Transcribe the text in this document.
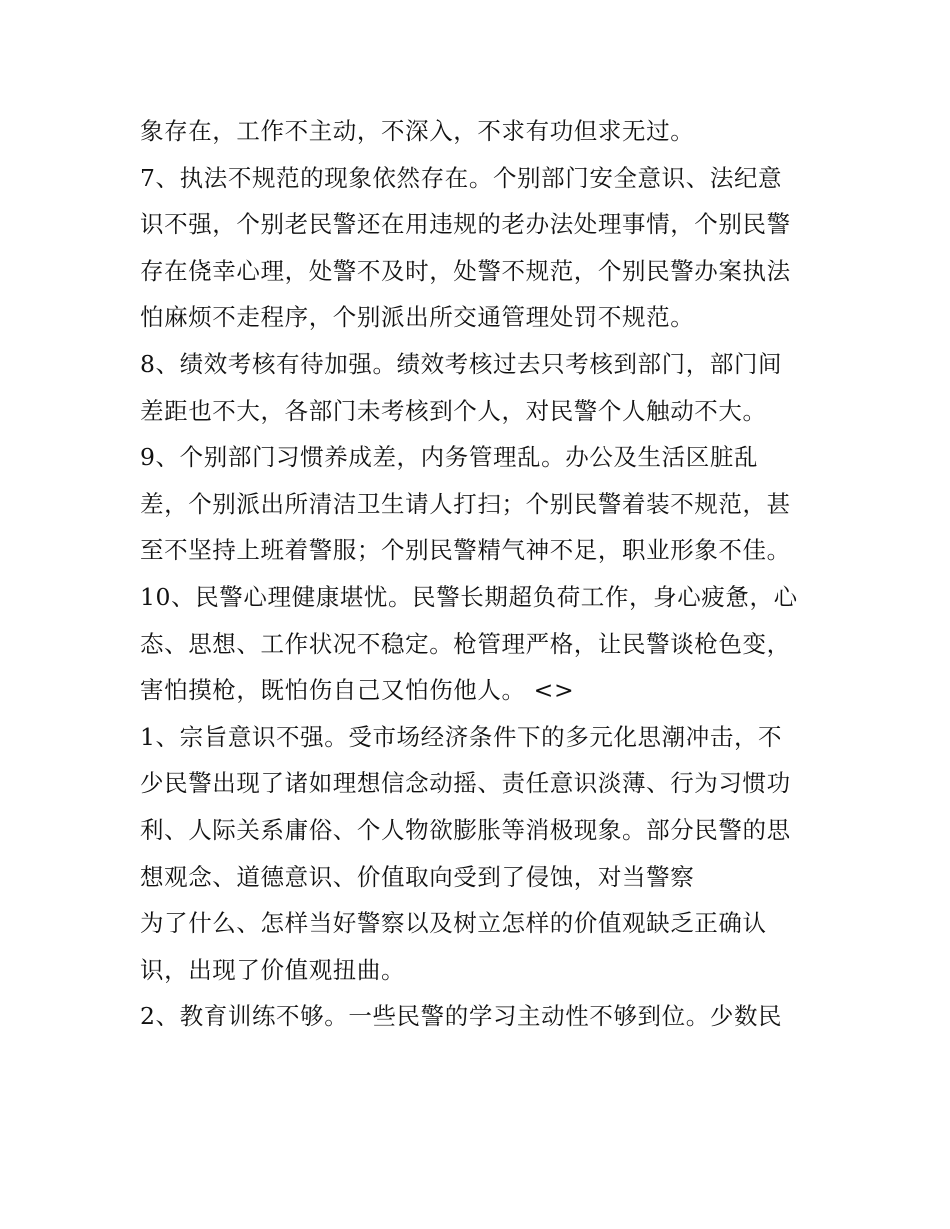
象存在，工作不主动，不深入，不求有功但求无过。
7、执法不规范的现象依然存在。个别部门安全意识、法纪意
识不强，个别老民警还在用违规的老办法处理事情，个别民警
存在侥幸心理，处警不及时，处警不规范，个别民警办案执法
怕麻烦不走程序，个别派出所交通管理处罚不规范。
8、绩效考核有待加强。绩效考核过去只考核到部门，部门间
差距也不大，各部门未考核到个人，对民警个人触动不大。
9、个别部门习惯养成差，内务管理乱。办公及生活区脏乱
差，个别派出所清洁卫生请人打扫；个别民警着装不规范，甚
至不坚持上班着警服；个别民警精气神不足，职业形象不佳。
10、民警心理健康堪忧。民警长期超负荷工作，身心疲惫，心
态、思想、工作状况不稳定。枪管理严格，让民警谈枪色变，
害怕摸枪，既怕伤自己又怕伤他人。 <>
1、宗旨意识不强。受市场经济条件下的多元化思潮冲击，不
少民警出现了诸如理想信念动摇、责任意识淡薄、行为习惯功
利、人际关系庸俗、个人物欲膨胀等消极现象。部分民警的思
想观念、道德意识、价值取向受到了侵蚀，对当警察
为了什么、怎样当好警察以及树立怎样的价值观缺乏正确认
识，出现了价值观扭曲。
2、教育训练不够。一些民警的学习主动性不够到位。少数民
